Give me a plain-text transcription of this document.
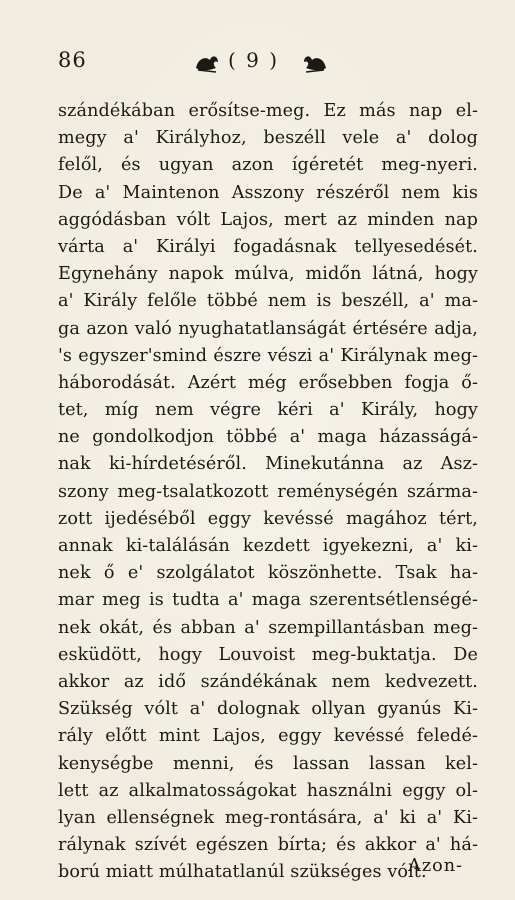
86	( 9 )
szándékában erősítse-meg. Ez más nap el-
megy a' Királyhoz, beszéll vele a' dolog
felől, és ugyan azon ígéretét meg-nyeri.
De a' Maintenon Asszony részéről nem kis
aggódásban vólt Lajos, mert az minden nap
várta a' Királyi fogadásnak tellyesedését.
Egynehány napok múlva, midőn látná, hogy
a' Király felőle többé nem is beszéll, a' ma-
ga azon való nyughatatlanságát értésére adja,
's egyszer'smind észre vészi a' Királynak meg-
háborodását. Azért még erősebben fogja ő-
tet, míg nem végre kéri a' Király, hogy
ne gondolkodjon többé a' maga házasságá-
nak ki-hírdetéséről. Minekutánna az Asz-
szony meg-tsalatkozott reménységén szárma-
zott ijedéséből eggy kevéssé magához tért,
annak ki-találásán kezdett igyekezni, a' ki-
nek ő e' szolgálatot köszönhette. Tsak ha-
mar meg is tudta a' maga szerentsétlenségé-
nek okát, és abban a' szempillantásban meg-
esküdött, hogy Louvoist meg-buktatja. De
akkor az idő szándékának nem kedvezett.
Szükség vólt a' dolognak ollyan gyanús Ki-
rály előtt mint Lajos, eggy kevéssé feledé-
kenységbe menni, és lassan lassan kel-
lett az alkalmatosságokat használni eggy ol-
lyan ellenségnek meg-rontására, a' ki a' Ki-
rálynak szívét egészen bírta; és akkor a' há-
ború miatt múlhatatlanúl szükséges vólt.
Azon-
